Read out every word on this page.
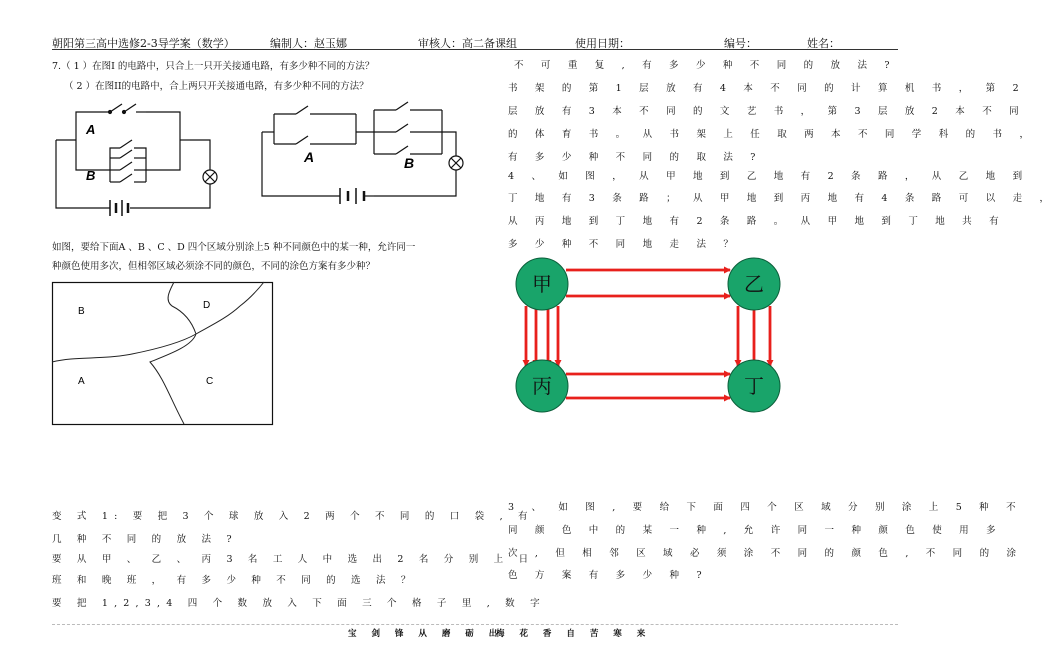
朝阳第三高中选修2-3导学案（数学）	编制人：赵玉娜	审核人：高二备课组	使用日期：	编号：	姓名：
7.（ 1 ）在图I 的电路中，只合上一只开关接通电路，有多少种不同的方法？
（ 2 ）在图II的电路中，合上两只开关接通电路，有多少种不同的方法？
A
B
A	B
如图，要给下面A 、B 、C 、D 四个区域分别涂上5 种不同颜色中的某一种，允许同一
种颜色使用多次，但相邻区域必须涂不同的颜色，不同的涂色方案有多少种？
B
D
A	C
变 式 1: 要 把 3 个 球 放 入 2 两 个 不 同 的 口 袋 , 有
几 种 不 同 的 放 法 ?
要 从 甲 、 乙 、 丙 3 名 工 人 中 选 出 2 名 分 别 上 日
班 和 晚 班 ， 有 多 少 种 不 同 的 选 法 ？
要 把 1,2,3,4 四 个 数 放 入 下 面 三 个 格 子 里 , 数 字
不 可 重 复 , 有 多 少 种 不 同 的 放 法 ?
书 架 的 第 1 层 放 有 4 本 不 同 的 计 算 机 书 ， 第 2
层 放 有 3 本 不 同 的 文 艺 书 ， 第 3 层 放 2 本 不 同
的 体 育 书 。 从 书 架 上 任 取 两 本 不 同 学 科 的 书 ，
有 多 少 种 不 同 的 取 法 ?
4 、 如 图 ， 从 甲 地 到 乙 地 有 2 条 路 ， 从 乙 地 到
丁 地 有 3 条 路 ； 从 甲 地 到 丙 地 有 4 条 路 可 以 走 ，
从 丙 地 到 丁 地 有 2 条 路 。 从 甲 地 到 丁 地 共 有
多 少 种 不 同 地 走 法 ？
甲	乙
丙	丁
3 、 如 图 , 要 给 下 面 四 个 区 域 分 别 涂 上 5 种 不
同 颜 色 中 的 某 一 种 , 允 许 同 一 种 颜 色 使 用 多
次 , 但 相 邻 区 域 必 须 涂 不 同 的 颜 色 , 不 同 的 涂
色 方 案 有 多 少 种 ?
宝 剑 锋 从 磨 砺 出
梅 花 香 自 苦 寒 来
